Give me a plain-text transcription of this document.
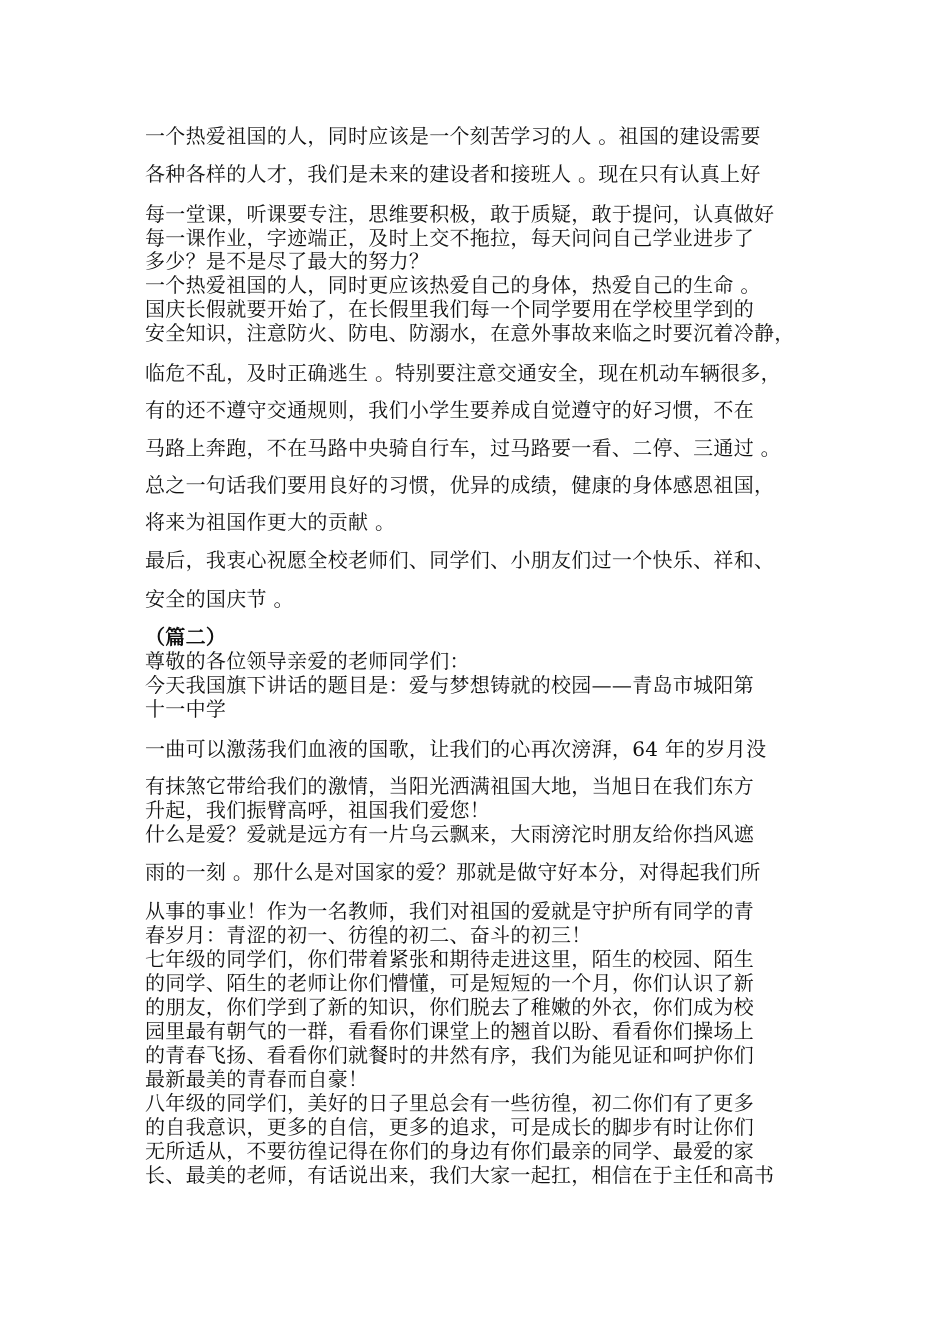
一个热爱祖国的人，同时应该是一个刻苦学习的人 。祖国的建设需要
各种各样的人才，我们是未来的建设者和接班人 。现在只有认真上好
每一堂课，听课要专注，思维要积极，敢于质疑，敢于提问，认真做好
每一课作业，字迹端正，及时上交不拖拉，每天问问自己学业进步了
多少？是不是尽了最大的努力？
一个热爱祖国的人，同时更应该热爱自己的身体，热爱自己的生命 。
国庆长假就要开始了，在长假里我们每一个同学要用在学校里学到的
安全知识，注意防火、防电、防溺水，在意外事故来临之时要沉着冷静，
临危不乱，及时正确逃生 。特别要注意交通安全，现在机动车辆很多，
有的还不遵守交通规则，我们小学生要养成自觉遵守的好习惯，不在
马路上奔跑，不在马路中央骑自行车，过马路要一看、二停、三通过 。
总之一句话我们要用良好的习惯，优异的成绩，健康的身体感恩祖国，
将来为祖国作更大的贡献 。
最后，我衷心祝愿全校老师们、同学们、小朋友们过一个快乐、祥和、
安全的国庆节 。
（篇二）
尊敬的各位领导亲爱的老师同学们：
今天我国旗下讲话的题目是：爱与梦想铸就的校园——青岛市城阳第
十一中学
一曲可以激荡我们血液的国歌，让我们的心再次滂湃，64 年的岁月没
有抹煞它带给我们的激情，当阳光洒满祖国大地，当旭日在我们东方
升起，我们振臂高呼，祖国我们爱您！
什么是爱？爱就是远方有一片乌云飘来，大雨滂沱时朋友给你挡风遮
雨的一刻 。那什么是对国家的爱？那就是做守好本分，对得起我们所
从事的事业！作为一名教师，我们对祖国的爱就是守护所有同学的青
春岁月：青涩的初一、彷徨的初二、奋斗的初三！
七年级的同学们，你们带着紧张和期待走进这里，陌生的校园、陌生
的同学、陌生的老师让你们懵懂，可是短短的一个月，你们认识了新
的朋友，你们学到了新的知识，你们脱去了稚嫩的外衣，你们成为校
园里最有朝气的一群，看看你们课堂上的翘首以盼、看看你们操场上
的青春飞扬、看看你们就餐时的井然有序，我们为能见证和呵护你们
最新最美的青春而自豪！
八年级的同学们，美好的日子里总会有一些彷徨，初二你们有了更多
的自我意识，更多的自信，更多的追求，可是成长的脚步有时让你们
无所适从，不要彷徨记得在你们的身边有你们最亲的同学、最爱的家
长、最美的老师，有话说出来，我们大家一起扛，相信在于主任和高书
